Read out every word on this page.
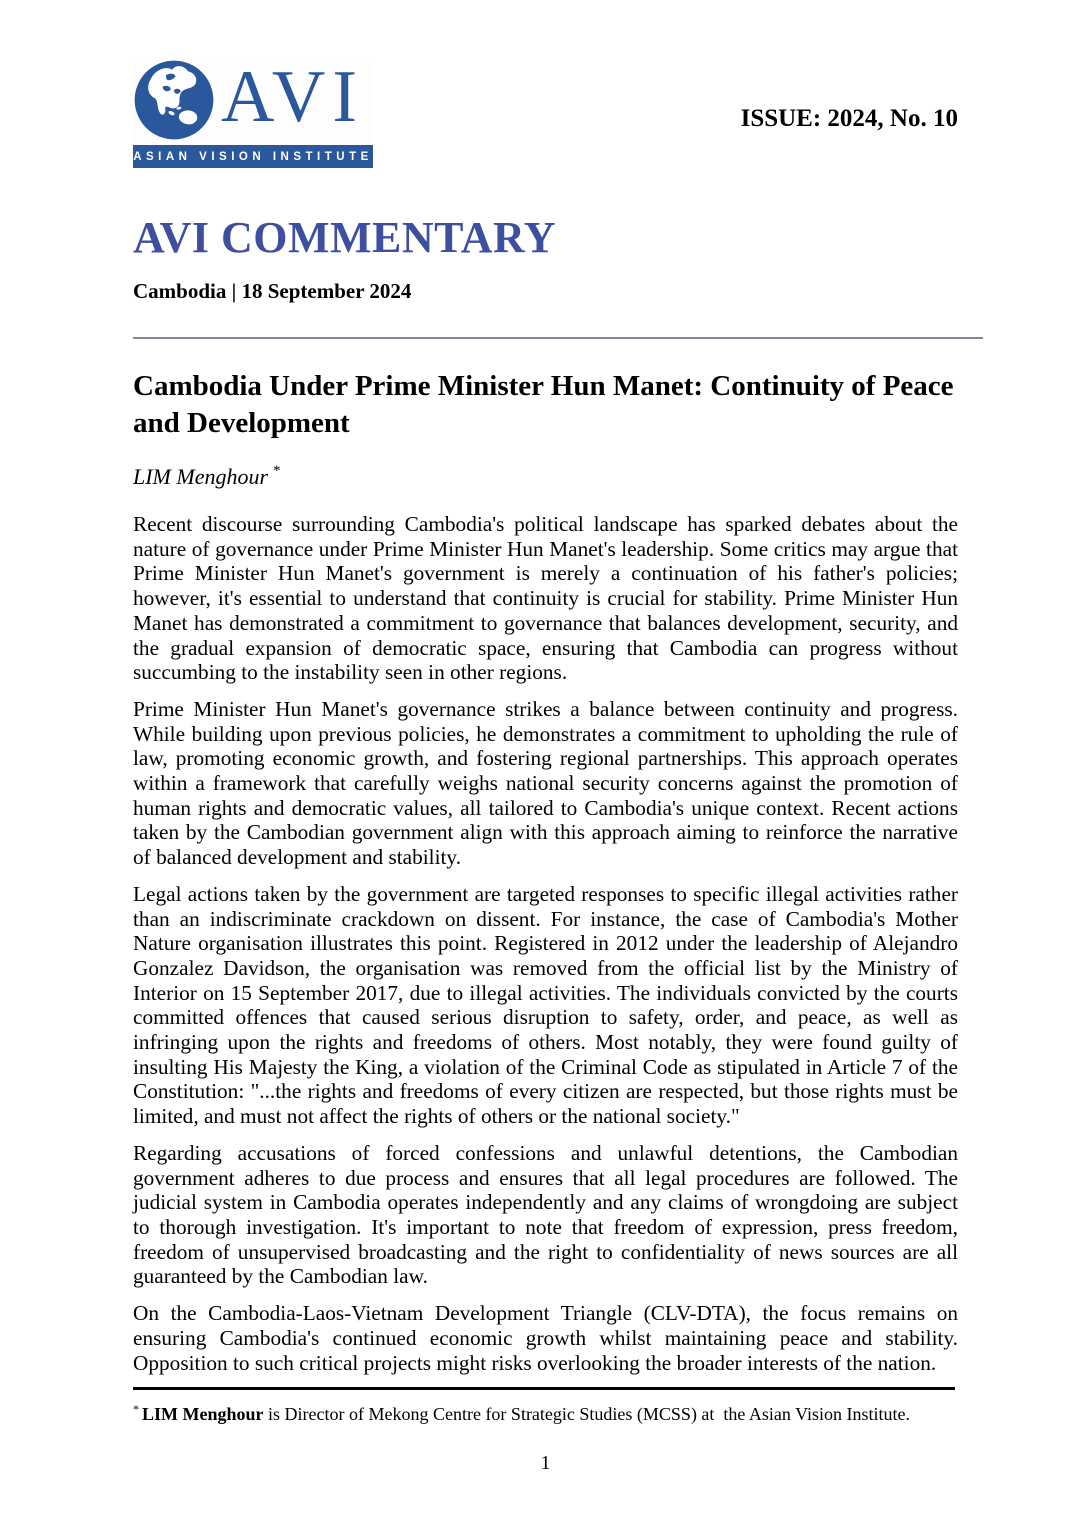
AVI
ASIAN VISION INSTITUTE
ISSUE: 2024, No. 10
AVI COMMENTARY
Cambodia | 18 September 2024
Cambodia Under Prime Minister Hun Manet: Continuity of Peace and Development
LIM Menghour *

Recent discourse surrounding Cambodia's political landscape has sparked debates about the nature of governance under Prime Minister Hun Manet's leadership. Some critics may argue that Prime Minister Hun Manet's government is merely a continuation of his father's policies; however, it's essential to understand that continuity is crucial for stability. Prime Minister Hun Manet has demonstrated a commitment to governance that balances development, security, and the gradual expansion of democratic space, ensuring that Cambodia can progress without succumbing to the instability seen in other regions.

Prime Minister Hun Manet's governance strikes a balance between continuity and progress. While building upon previous policies, he demonstrates a commitment to upholding the rule of law, promoting economic growth, and fostering regional partnerships. This approach operates within a framework that carefully weighs national security concerns against the promotion of human rights and democratic values, all tailored to Cambodia's unique context. Recent actions taken by the Cambodian government align with this approach aiming to reinforce the narrative of balanced development and stability.

Legal actions taken by the government are targeted responses to specific illegal activities rather than an indiscriminate crackdown on dissent. For instance, the case of Cambodia's Mother Nature organisation illustrates this point. Registered in 2012 under the leadership of Alejandro Gonzalez Davidson, the organisation was removed from the official list by the Ministry of Interior on 15 September 2017, due to illegal activities. The individuals convicted by the courts committed offences that caused serious disruption to safety, order, and peace, as well as infringing upon the rights and freedoms of others. Most notably, they were found guilty of insulting His Majesty the King, a violation of the Criminal Code as stipulated in Article 7 of the Constitution: "...the rights and freedoms of every citizen are respected, but those rights must be limited, and must not affect the rights of others or the national society."

Regarding accusations of forced confessions and unlawful detentions, the Cambodian government adheres to due process and ensures that all legal procedures are followed. The judicial system in Cambodia operates independently and any claims of wrongdoing are subject to thorough investigation. It's important to note that freedom of expression, press freedom, freedom of unsupervised broadcasting and the right to confidentiality of news sources are all guaranteed by the Cambodian law.

On the Cambodia-Laos-Vietnam Development Triangle (CLV-DTA), the focus remains on ensuring Cambodia's continued economic growth whilst maintaining peace and stability. Opposition to such critical projects might risks overlooking the broader interests of the nation.

* LIM Menghour is Director of Mekong Centre for Strategic Studies (MCSS) at  the Asian Vision Institute.
1
